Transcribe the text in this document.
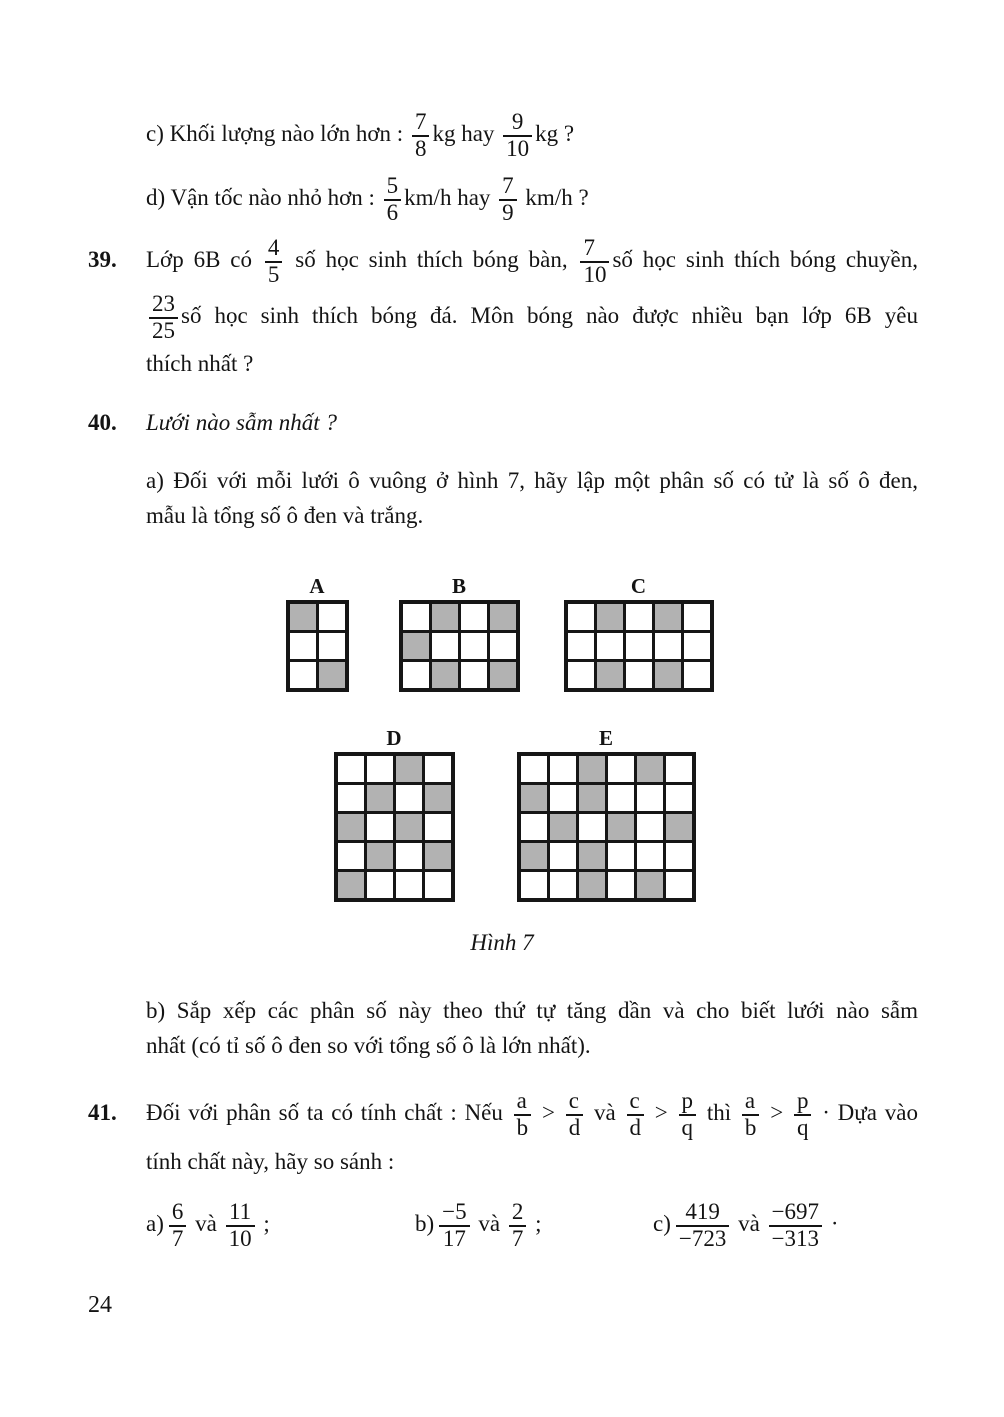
c) Khối lượng nào lớn hơn : $\frac{7}{8}$ kg hay $\frac{9}{10}$ kg ?
d) Vận tốc nào nhỏ hơn : $\frac{5}{6} km/h$ hay $\frac{7}{9} km/h$ ?
39. Lớp 6B có $\frac{4}{5}$ số học sinh thích bóng bàn, $\frac{7}{10}$ số học sinh thích bóng chuyền,
$\frac{23}{25}$ số học sinh thích bóng đá. Môn bóng nào được nhiều bạn lớp 6B yêu
thích nhất ?
40. Lưới nào sẫm nhất ?
a) Đối với mỗi lưới ô vuông ở hình 7, hãy lập một phân số có tử là số ô đen,
mẫu là tổng số ô đen và trắng.
A	B	C
D	E
Hình 7
b) Sắp xếp các phân số này theo thứ tự tăng dần và cho biết lưới nào sẫm
nhất (có tỉ số ô đen so với tổng số ô là lớn nhất).
41. Đối với phân số ta có tính chất : Nếu $\frac{a}{b} > \frac{c}{d}$ và $\frac{c}{d} > \frac{p}{q}$ thì $\frac{a}{b} > \frac{p}{q}$ · Dựa vào
tính chất này, hãy so sánh :
$a) \frac{6}{7}$ và $\frac{11}{10}$ ;	$b) \frac{-5}{17}$ và $\frac{2}{7}$ ;	$c) \frac{419}{-723}$ và $\frac{-697}{-313}$ ·
24
